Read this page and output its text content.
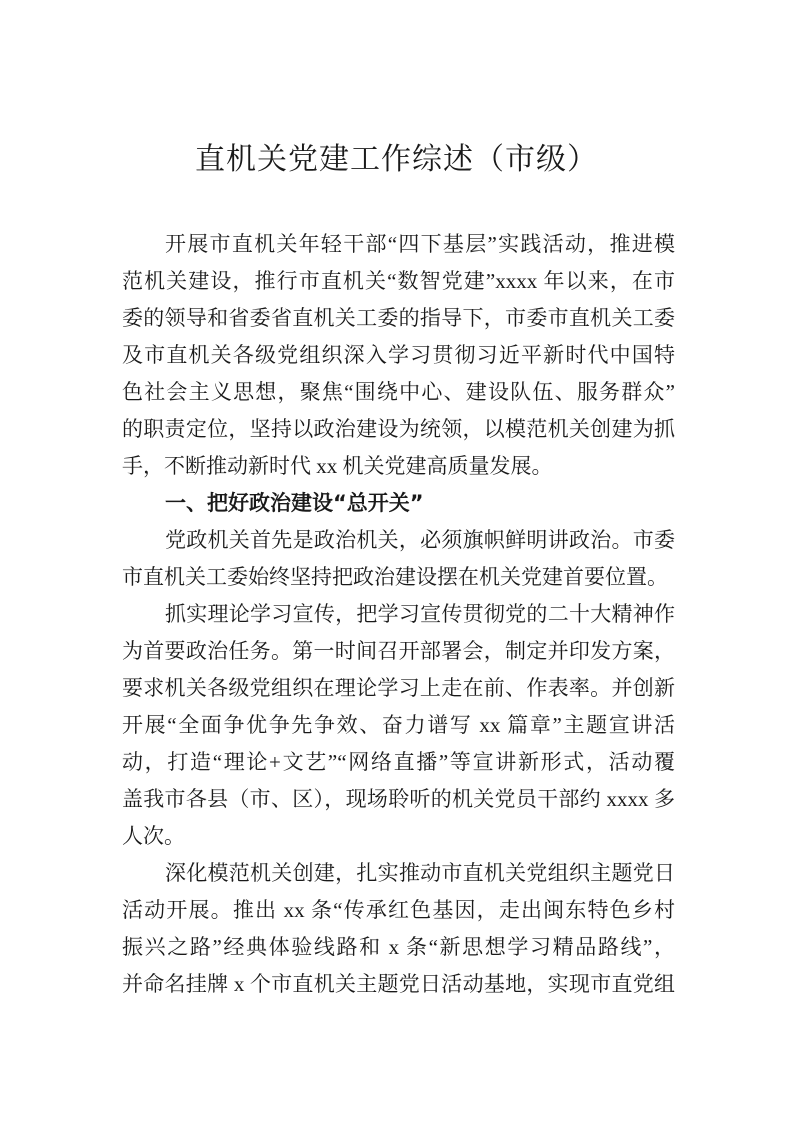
直机关党建工作综述（市级）
开展市直机关年轻干部“四下基层”实践活动，推进模
范机关建设，推行市直机关“数智党建”xxxx 年以来，在市
委的领导和省委省直机关工委的指导下，市委市直机关工委
及市直机关各级党组织深入学习贯彻习近平新时代中国特
色社会主义思想，聚焦“围绕中心、建设队伍、服务群众”
的职责定位，坚持以政治建设为统领，以模范机关创建为抓
手，不断推动新时代 xx 机关党建高质量发展。
一、把好政治建设“总开关”
党政机关首先是政治机关，必须旗帜鲜明讲政治。市委
市直机关工委始终坚持把政治建设摆在机关党建首要位置。
抓实理论学习宣传，把学习宣传贯彻党的二十大精神作
为首要政治任务。第一时间召开部署会，制定并印发方案，
要求机关各级党组织在理论学习上走在前、作表率。并创新
开展“全面争优争先争效、奋力谱写 xx 篇章”主题宣讲活
动，打造“理论+文艺”“网络直播”等宣讲新形式，活动覆
盖我市各县（市、区），现场聆听的机关党员干部约 xxxx 多
人次。
深化模范机关创建，扎实推动市直机关党组织主题党日
活动开展。推出 xx 条“传承红色基因，走出闽东特色乡村
振兴之路”经典体验线路和 x 条“新思想学习精品路线”，
并命名挂牌 x 个市直机关主题党日活动基地，实现市直党组
